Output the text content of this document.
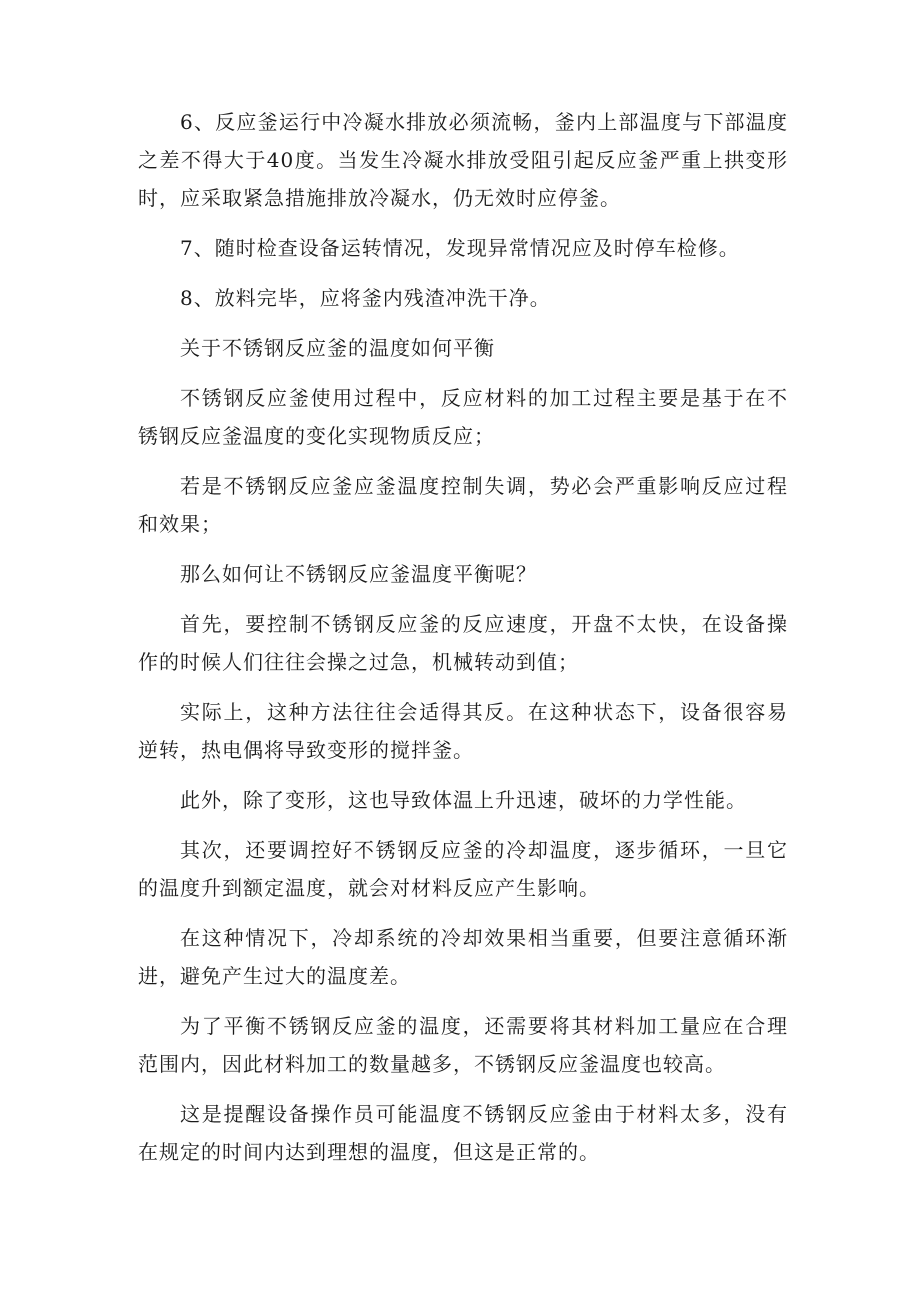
6、反应釜运行中冷凝水排放必须流畅，釜内上部温度与下部温度之差不得大于40度。当发生冷凝水排放受阻引起反应釜严重上拱变形时，应采取紧急措施排放冷凝水，仍无效时应停釜。

7、随时检查设备运转情况，发现异常情况应及时停车检修。

8、放料完毕，应将釜内残渣冲洗干净。

关于不锈钢反应釜的温度如何平衡

不锈钢反应釜使用过程中，反应材料的加工过程主要是基于在不锈钢反应釜温度的变化实现物质反应；

若是不锈钢反应釜应釜温度控制失调，势必会严重影响反应过程和效果；

那么如何让不锈钢反应釜温度平衡呢？

首先，要控制不锈钢反应釜的反应速度，开盘不太快，在设备操作的时候人们往往会操之过急，机械转动到值；

实际上，这种方法往往会适得其反。在这种状态下，设备很容易逆转，热电偶将导致变形的搅拌釜。

此外，除了变形，这也导致体温上升迅速，破坏的力学性能。

其次，还要调控好不锈钢反应釜的冷却温度，逐步循环，一旦它的温度升到额定温度，就会对材料反应产生影响。

在这种情况下，冷却系统的冷却效果相当重要，但要注意循环渐进，避免产生过大的温度差。

为了平衡不锈钢反应釜的温度，还需要将其材料加工量应在合理范围内，因此材料加工的数量越多，不锈钢反应釜温度也较高。

这是提醒设备操作员可能温度不锈钢反应釜由于材料太多，没有在规定的时间内达到理想的温度，但这是正常的。
